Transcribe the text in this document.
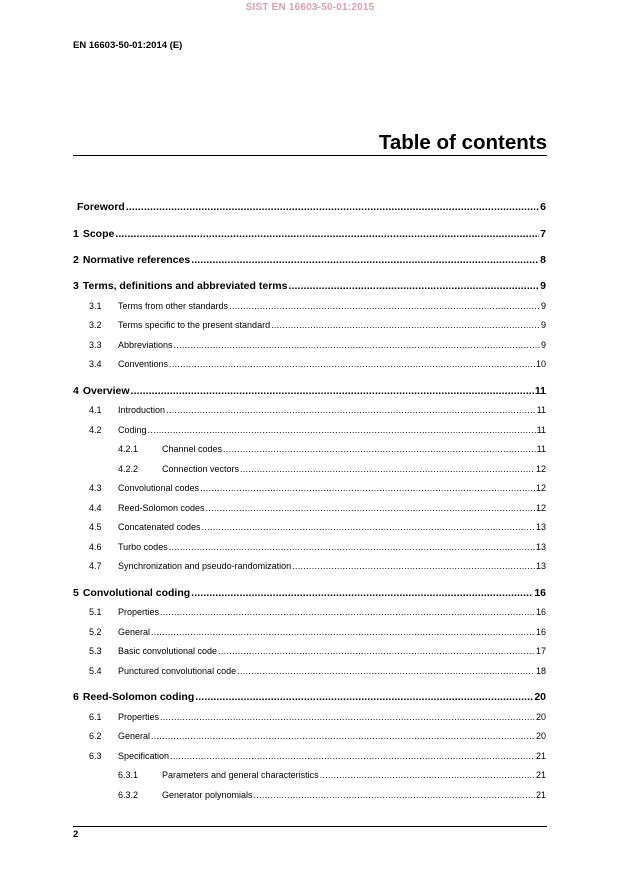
SIST EN 16603-50-01:2015
EN 16603-50-01:2014 (E)
Table of contents
Foreword .....	6
1 Scope .....	7
2 Normative references .....	8
3 Terms, definitions and abbreviated terms .....	9
3.1	Terms from other standards .....	9
3.2	Terms specific to the present standard .....	9
3.3	Abbreviations .....	9
3.4	Conventions .....	10
4 Overview .....	11
4.1	Introduction .....	11
4.2	Coding .....	11
4.2.1	Channel codes .....	11
4.2.2	Connection vectors .....	12
4.3	Convolutional codes .....	12
4.4	Reed-Solomon codes .....	12
4.5	Concatenated codes .....	13
4.6	Turbo codes .....	13
4.7	Synchronization and pseudo-randomization .....	13
5 Convolutional coding .....	16
5.1	Properties .....	16
5.2	General .....	16
5.3	Basic convolutional code .....	17
5.4	Punctured convolutional code .....	18
6 Reed-Solomon coding .....	20
6.1	Properties .....	20
6.2	General .....	20
6.3	Specification .....	21
6.3.1	Parameters and general characteristics .....	21
6.3.2	Generator polynomials .....	21
2
